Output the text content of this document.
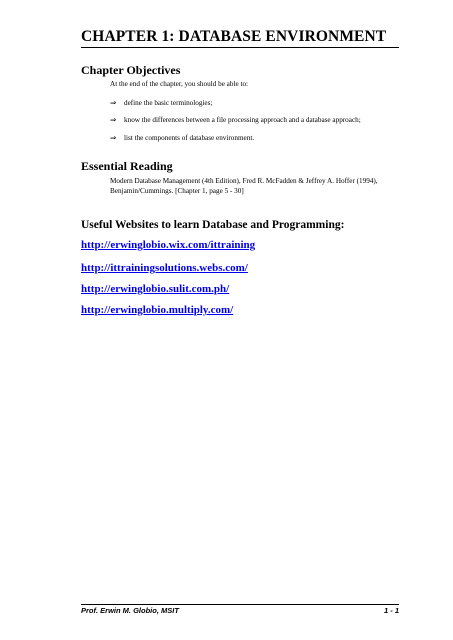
CHAPTER 1: DATABASE ENVIRONMENT
Chapter Objectives
At the end of the chapter, you should be able to:
⇒ define the basic terminologies;
⇒ know the differences between a file processing approach and a database approach;
⇒ list the components of database environment.
Essential Reading
Modern Database Management (4th Edition), Fred R. McFadden & Jeffrey A. Hoffer (1994), Benjamin/Cummings. [Chapter 1, page 5 - 30]
Useful Websites to learn Database and Programming:
http://erwinglobio.wix.com/ittraining
http://ittrainingsolutions.webs.com/
http://erwinglobio.sulit.com.ph/
http://erwinglobio.multiply.com/
Prof. Erwin M. Globio, MSIT	1 - 1
